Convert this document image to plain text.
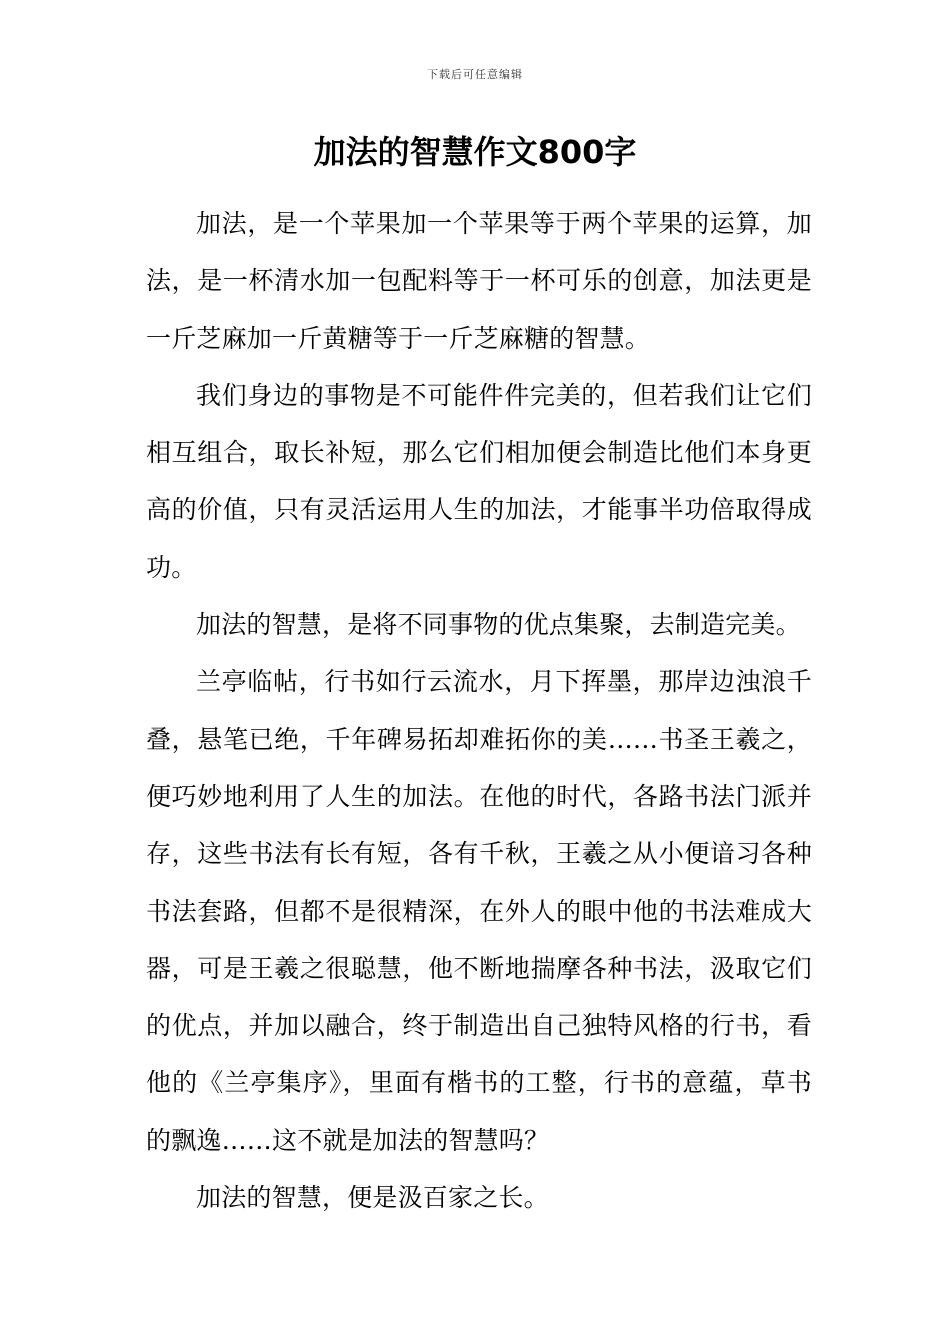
下载后可任意编辑
加法的智慧作文800字

加法，是一个苹果加一个苹果等于两个苹果的运算，加法，是一杯清水加一包配料等于一杯可乐的创意，加法更是一斤芝麻加一斤黄糖等于一斤芝麻糖的智慧。

我们身边的事物是不可能件件完美的，但若我们让它们相互组合，取长补短，那么它们相加便会制造比他们本身更高的价值，只有灵活运用人生的加法，才能事半功倍取得成功。

加法的智慧，是将不同事物的优点集聚，去制造完美。

兰亭临帖，行书如行云流水，月下挥墨，那岸边浊浪千叠，悬笔已绝，千年碑易拓却难拓你的美……书圣王羲之，便巧妙地利用了人生的加法。在他的时代，各路书法门派并存，这些书法有长有短，各有千秋，王羲之从小便谙习各种书法套路，但都不是很精深，在外人的眼中他的书法难成大器，可是王羲之很聪慧，他不断地揣摩各种书法，汲取它们的优点，并加以融合，终于制造出自己独特风格的行书，看他的《兰亭集序》，里面有楷书的工整，行书的意蕴，草书的飘逸……这不就是加法的智慧吗？

加法的智慧，便是汲百家之长。
